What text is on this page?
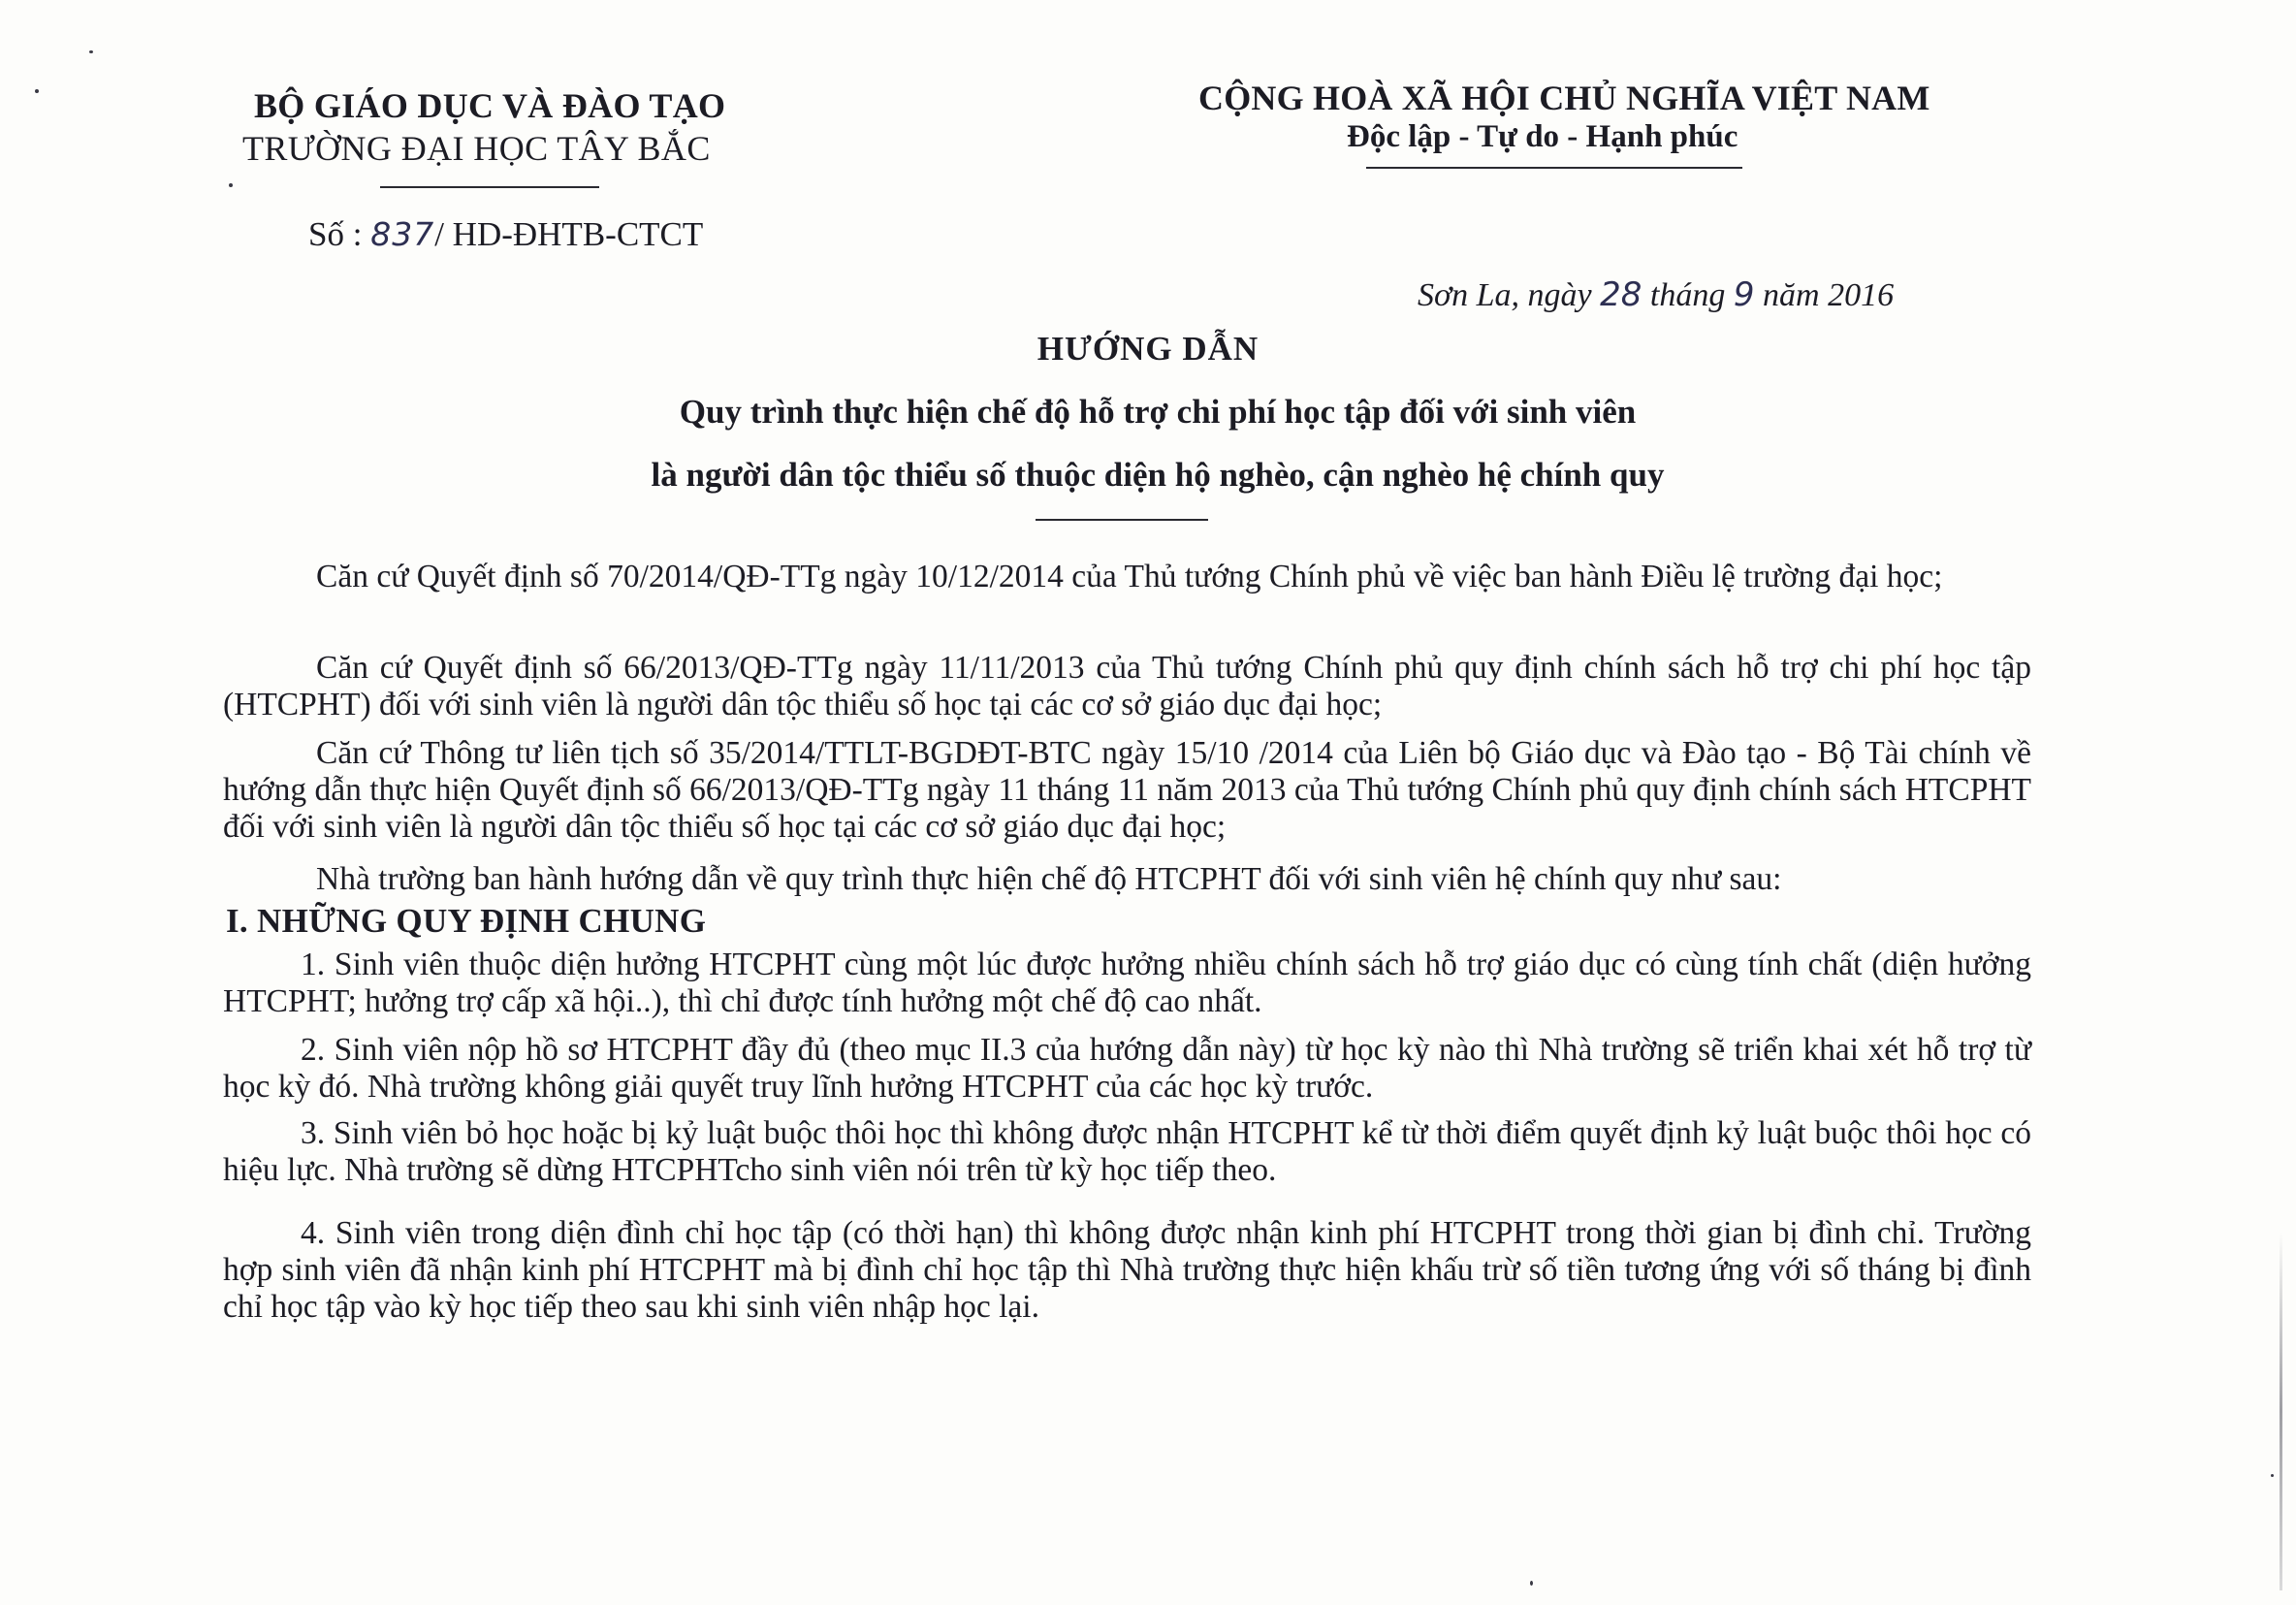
BỘ GIÁO DỤC VÀ ĐÀO TẠO
TRƯỜNG ĐẠI HỌC TÂY BẮC
Số : 837/ HD-ĐHTB-CTCT
CỘNG HOÀ XÃ HỘI CHỦ NGHĨA VIỆT NAM
Độc lập - Tự do - Hạnh phúc
Sơn La, ngày 28 tháng 9 năm 2016
HƯỚNG DẪN
Quy trình thực hiện chế độ hỗ trợ chi phí học tập đối với sinh viên
là người dân tộc thiểu số thuộc diện hộ nghèo, cận nghèo hệ chính quy
Căn cứ Quyết định số 70/2014/QĐ-TTg ngày 10/12/2014 của Thủ tướng Chính phủ về việc ban hành Điều lệ trường đại học;
Căn cứ Quyết định số 66/2013/QĐ-TTg ngày 11/11/2013 của Thủ tướng Chính phủ quy định chính sách hỗ trợ chi phí học tập (HTCPHT) đối với sinh viên là người dân tộc thiểu số học tại các cơ sở giáo dục đại học;
Căn cứ Thông tư liên tịch số 35/2014/TTLT-BGDĐT-BTC ngày 15/10 /2014 của Liên bộ Giáo dục và Đào tạo - Bộ Tài chính về hướng dẫn thực hiện Quyết định số 66/2013/QĐ-TTg ngày 11 tháng 11 năm 2013 của Thủ tướng Chính phủ quy định chính sách HTCPHT đối với sinh viên là người dân tộc thiểu số học tại các cơ sở giáo dục đại học;
Nhà trường ban hành hướng dẫn về quy trình thực hiện chế độ HTCPHT đối với sinh viên hệ chính quy như sau:
I. NHỮNG QUY ĐỊNH CHUNG
1. Sinh viên thuộc diện hưởng HTCPHT cùng một lúc được hưởng nhiều chính sách hỗ trợ giáo dục có cùng tính chất (diện hưởng HTCPHT; hưởng trợ cấp xã hội..), thì chỉ được tính hưởng một chế độ cao nhất.
2. Sinh viên nộp hồ sơ HTCPHT đầy đủ (theo mục II.3 của hướng dẫn này) từ học kỳ nào thì Nhà trường sẽ triển khai xét hỗ trợ từ học kỳ đó. Nhà trường không giải quyết truy lĩnh hưởng HTCPHT của các học kỳ trước.
3. Sinh viên bỏ học hoặc bị kỷ luật buộc thôi học thì không được nhận HTCPHT kể từ thời điểm quyết định kỷ luật buộc thôi học có hiệu lực. Nhà trường sẽ dừng HTCPHTcho sinh viên nói trên từ kỳ học tiếp theo.
4. Sinh viên trong diện đình chỉ học tập (có thời hạn) thì không được nhận kinh phí HTCPHT trong thời gian bị đình chỉ. Trường hợp sinh viên đã nhận kinh phí HTCPHT mà bị đình chỉ học tập thì Nhà trường thực hiện khấu trừ số tiền tương ứng với số tháng bị đình chỉ học tập vào kỳ học tiếp theo sau khi sinh viên nhập học lại.
